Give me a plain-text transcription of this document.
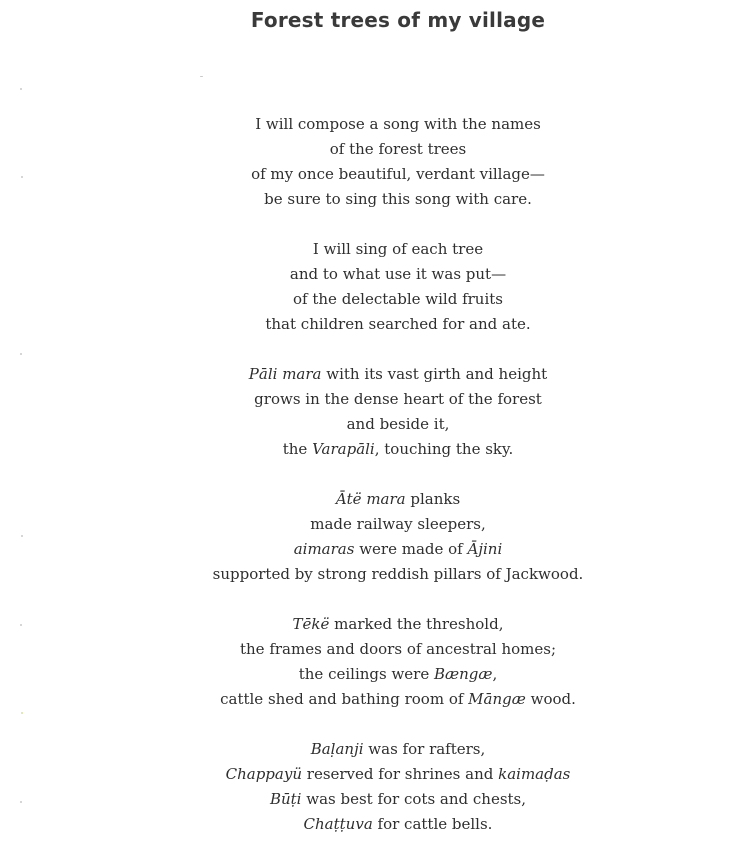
Forest trees of my village
I will compose a song with the names
of the forest trees
of my once beautiful, verdant village—
be sure to sing this song with care.
I will sing of each tree
and to what use it was put—
of the delectable wild fruits
that children searched for and ate.
Pāli mara with its vast girth and height
grows in the dense heart of the forest
and beside it,
the Varapāli, touching the sky.
Ātë mara planks
made railway sleepers,
aimaras were made of Ājini
supported by strong reddish pillars of Jackwood.
Tēkë marked the threshold,
the frames and doors of ancestral homes;
the ceilings were Bængæ,
cattle shed and bathing room of Māngæ wood.
Baḷanji was for rafters,
Chappayü reserved for shrines and kaimaḍas
Būṭi was best for cots and chests,
Chaṭṭuva for cattle bells.
